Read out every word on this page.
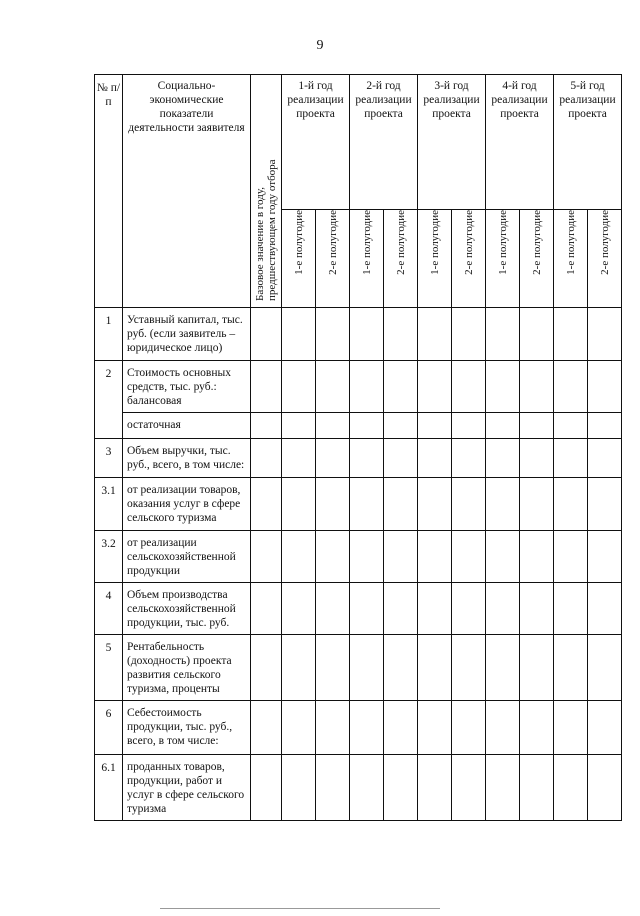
9
№ п/п	Социально-экономические показатели деятельности заявителя	Базовое значение в году, предшествующем году отбора	1-й год реализации проекта		2-й год реализации проекта		3-й год реализации проекта		4-й год реализации проекта		5-й год реализации проекта	

			1-е полугодие	2-е полугодие	1-е полугодие	2-е полугодие	1-е полугодие	2-е полугодие	1-е полугодие	2-е полугодие	1-е полугодие	2-е полугодие

1	Уставный капитал, тыс. руб. (если заявитель – юридическое лицо)											
2	Стоимость основных средств, тыс. руб.: балансовая											
	остаточная											
3	Объем выручки, тыс. руб., всего, в том числе:											
3.1	от реализации товаров, оказания услуг в сфере сельского туризма											
3.2	от реализации сельскохозяйственной продукции											
4	Объем производства сельскохозяйственной продукции, тыс. руб.											
5	Рентабельность (доходность) проекта развития сельского туризма, проценты											
6	Себестоимость продукции, тыс. руб., всего, в том числе:											
6.1	проданных товаров, продукции, работ и услуг в сфере сельского туризма											
